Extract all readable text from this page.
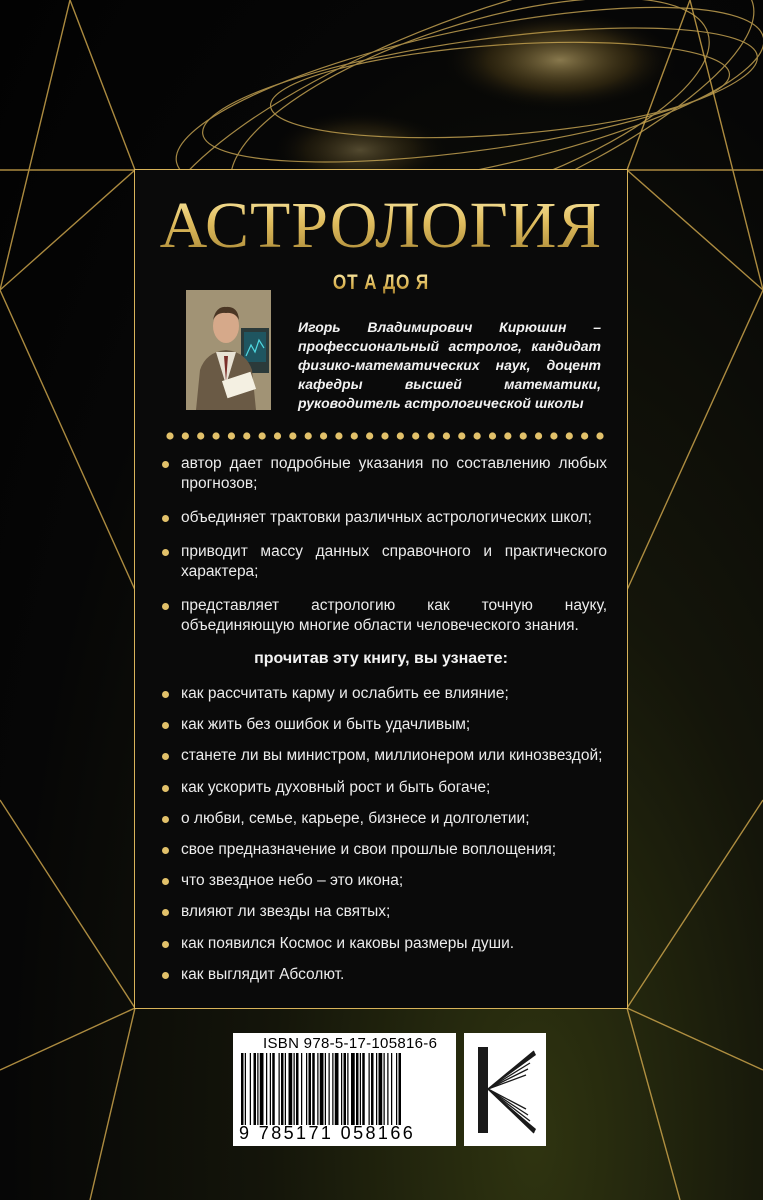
АСТРОЛОГИЯ
ОТ А ДО Я

Игорь Владимирович Кирюшин – профессиональный астролог, кандидат физико-математических наук, доцент кафедры высшей математики, руководитель астрологической школы

автор дает подробные указания по составлению любых прогнозов;
объединяет трактовки различных астрологических школ;
приводит массу данных справочного и практического характера;
представляет астрологию как точную науку, объединяющую многие области человеческого знания.

прочитав эту книгу, вы узнаете:

как рассчитать карму и ослабить ее влияние;
как жить без ошибок и быть удачливым;
станете ли вы министром, миллионером или кинозвездой;
как ускорить духовный рост и быть богаче;
о любви, семье, карьере, бизнесе и долголетии;
свое предназначение и свои прошлые воплощения;
что звездное небо – это икона;
влияют ли звезды на святых;
как появился Космос и каковы размеры души.
как выглядит Абсолют.
ISBN 978-5-17-105816-6
9 785171 058166
